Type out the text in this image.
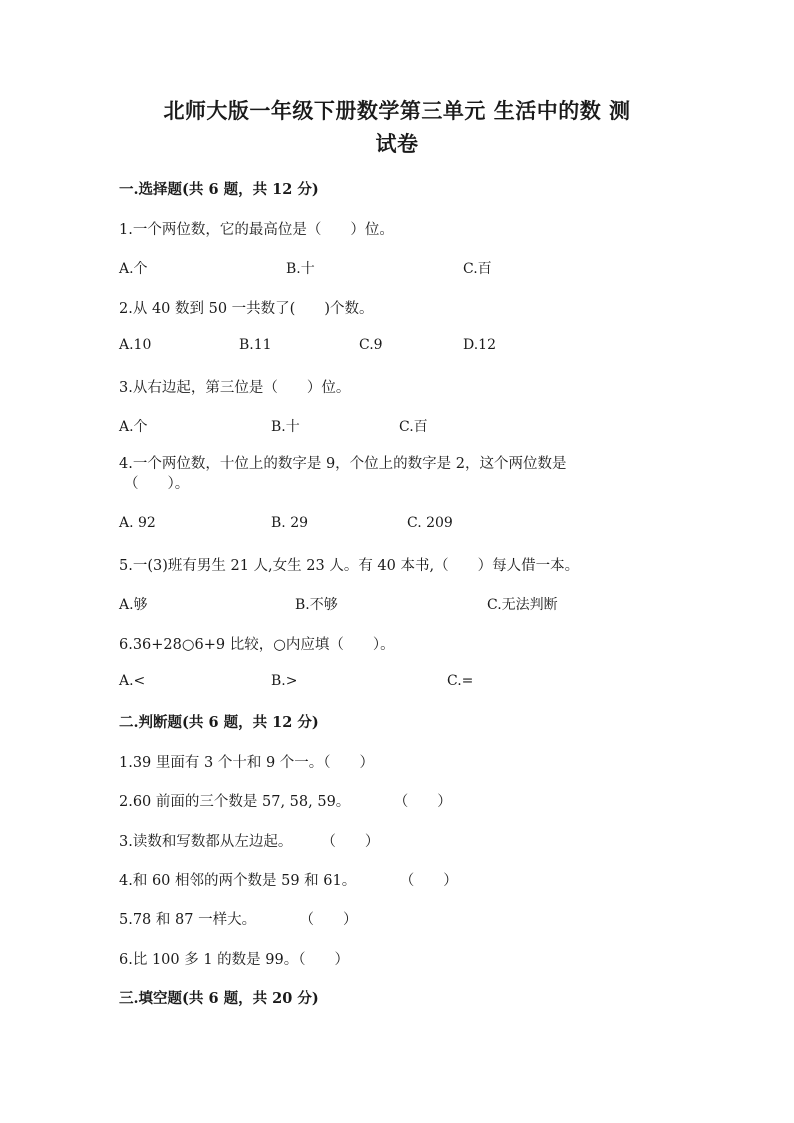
北师大版一年级下册数学第三单元 生活中的数 测
试卷
一.选择题(共 6 题，共 12 分)
1.一个两位数，它的最高位是（　　）位。
A.个	B.十	C.百
2.从 40 数到 50 一共数了(　　)个数。
A.10	B.11	C.9	D.12
3.从右边起，第三位是（　　）位。
A.个	B.十	C.百
4.一个两位数，十位上的数字是 9，个位上的数字是 2，这个两位数是
（　　）。
A. 92	B. 29	C. 209
5.一(3)班有男生 21 人,女生 23 人。有 40 本书,（　　）每人借一本。
A.够	B.不够	C.无法判断
6.36+28○6+9 比较，○内应填（　　）。
A.<	B.>	C.=
二.判断题(共 6 题，共 12 分)
1.39 里面有 3 个十和 9 个一。（　　）
2.60 前面的三个数是 57, 58, 59。　　　　（　　）
3.读数和写数都从左边起。　　　（　　）
4.和 60 相邻的两个数是 59 和 61。　　　　（　　）
5.78 和 87 一样大。　　　　（　　）
6.比 100 多 1 的数是 99。（　　）
三.填空题(共 6 题，共 20 分)
